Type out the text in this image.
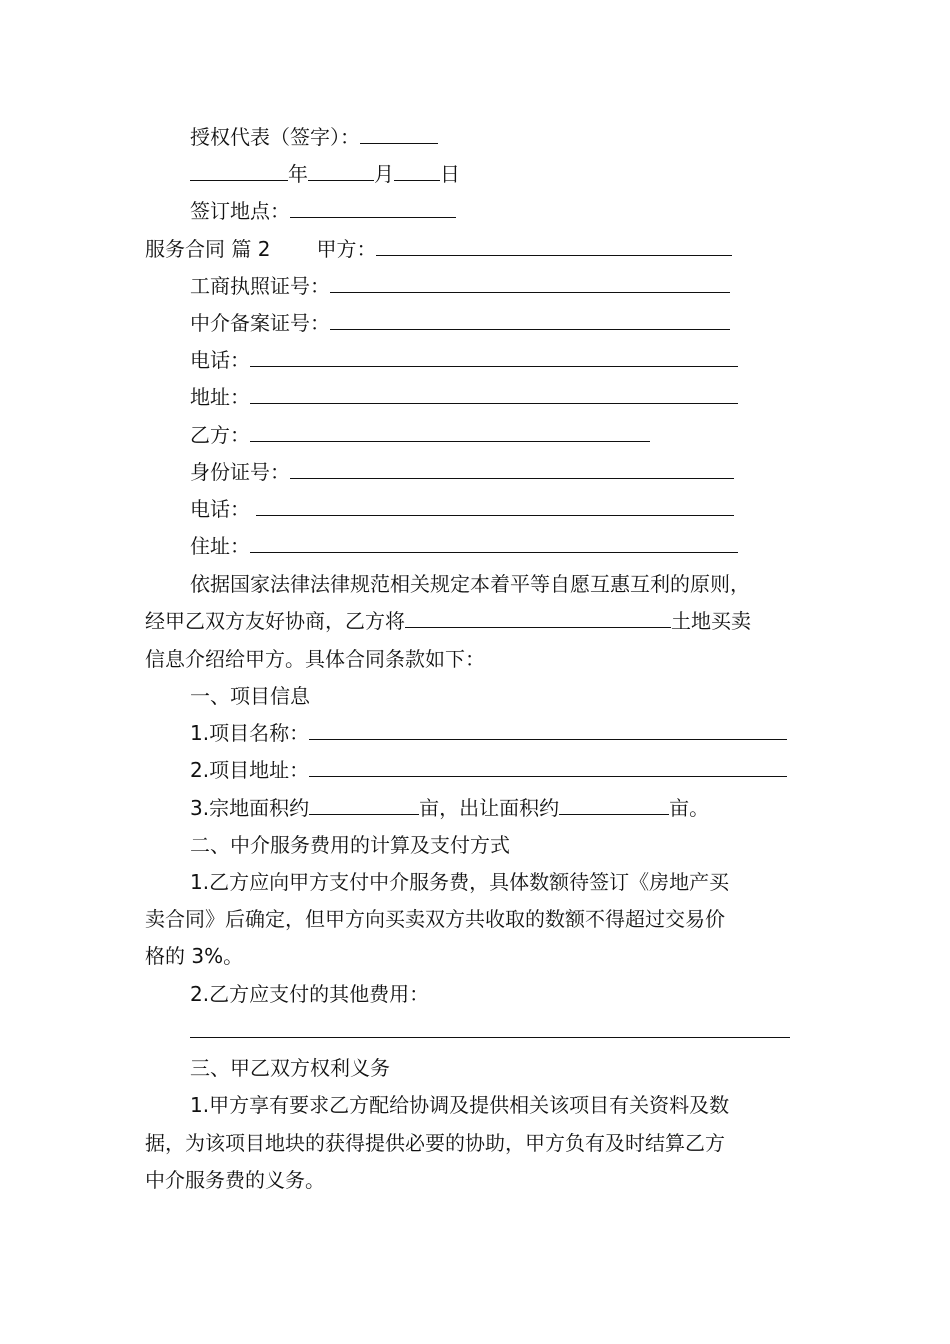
授权代表（签字）：
年	月 日
签订地点：
服务合同 篇 2 甲方：
工商执照证号：
中介备案证号：
电话：
地址：
乙方：
身份证号：
电话：
住址：
依据国家法律法律规范相关规定本着平等自愿互惠互利的原则，
经甲乙双方友好协商，乙方将	土地买卖
信息介绍给甲方。具体合同条款如下：
一、项目信息
1.项目名称：
2.项目地址：
3.宗地面积约	亩，出让面积约	亩。
二、中介服务费用的计算及支付方式
1.乙方应向甲方支付中介服务费，具体数额待签订《房地产买
卖合同》后确定，但甲方向买卖双方共收取的数额不得超过交易价
格的 3%。
2.乙方应支付的其他费用：
三、甲乙双方权利义务
1.甲方享有要求乙方配给协调及提供相关该项目有关资料及数
据，为该项目地块的获得提供必要的协助，甲方负有及时结算乙方
中介服务费的义务。
